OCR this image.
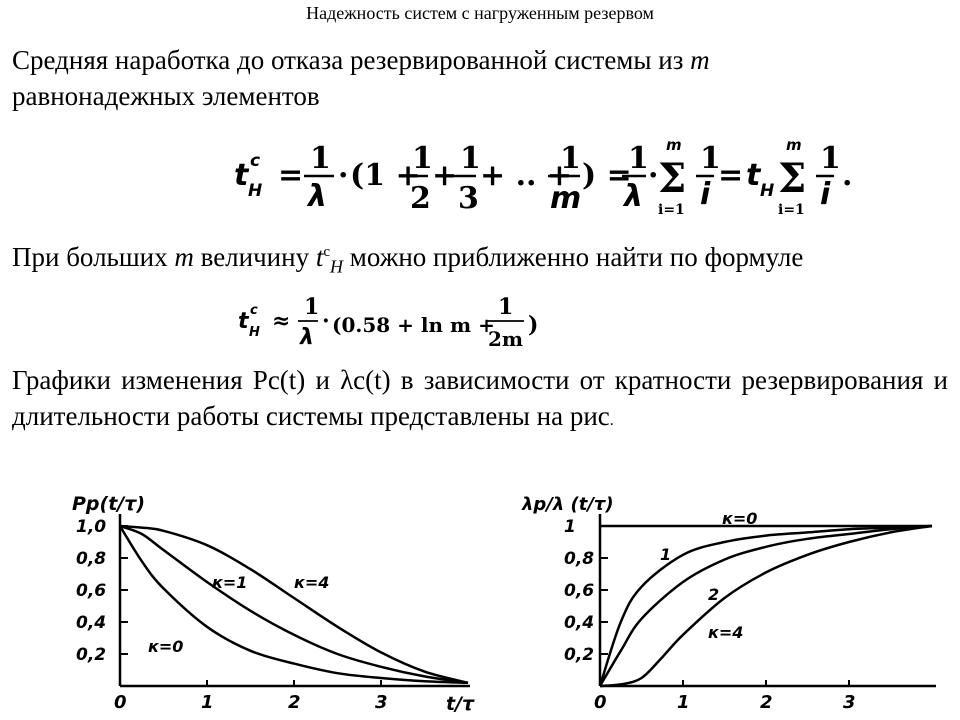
Надежность систем с нагруженным резервом
Средняя наработка до отказа резервированной системы из m
равнонадежных элементов
t c
H = 1
λ
· (1 +
1
2
+ 1
3
+ .. +
1
m
) =
1
λ
·
m
Σ
i=1
1
i
= t H
m
Σ
i=1
1
i
.
При больших m величину $t^c_H$ можно приближенно найти по формуле
t c
H ≈
1
λ
· (0.58 + ln m +
1
2m
)
Графики изменения Pc(t) и λc(t) в зависимости от кратности резервирования и длительности работы системы представлены на рис.
Pp(t/τ)
t/τ
0	1	2	3
1,0
0,8
0,6
0,4
0,2	к=0
к=1	к=4
λp/λ (t/τ)
0	1	2	3
1
0,8
0,6
0,4
0,2
к=0
1
2
к=4
